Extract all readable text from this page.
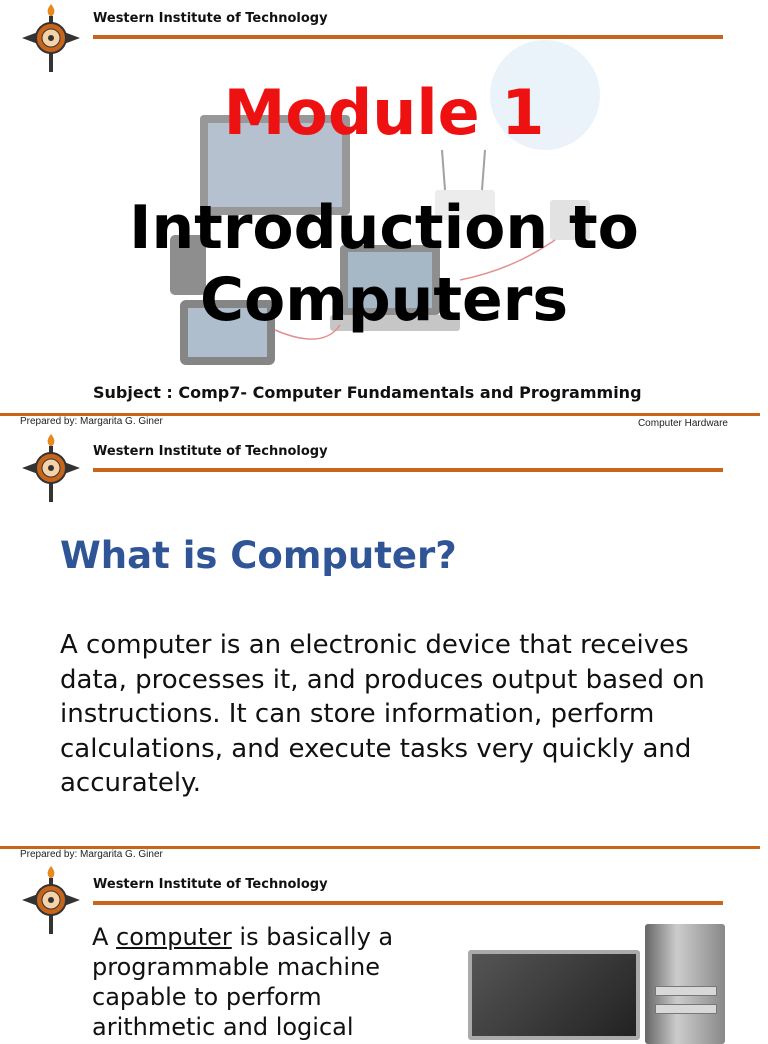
Western Institute of Technology
Module 1
Introduction to
Computers
Subject : Comp7- Computer Fundamentals and Programming
Prepared by: Margarita G. Giner	Computer Hardware
Western Institute of Technology
What is Computer?
A computer is an electronic device that receives data, processes it, and produces output based on instructions. It can store information, perform calculations, and execute tasks very quickly and accurately.
Prepared by: Margarita G. Giner
Western Institute of Technology
A computer is basically a programmable machine capable to perform arithmetic and logical
